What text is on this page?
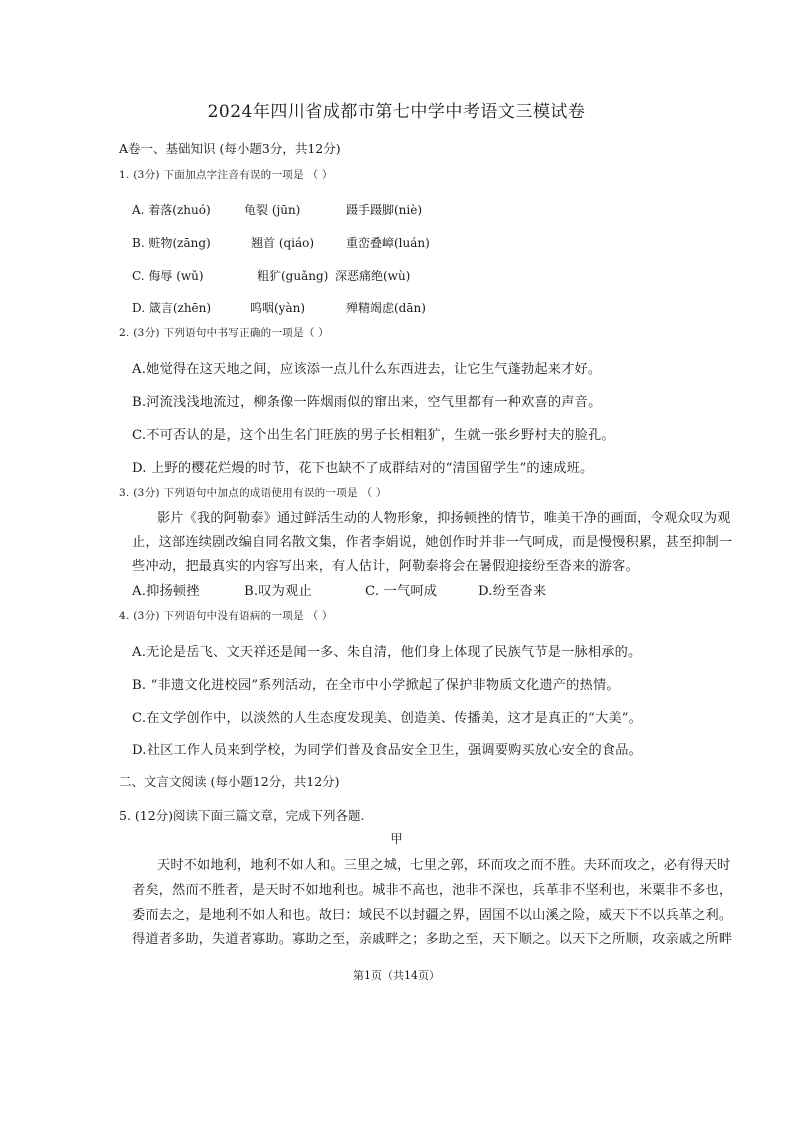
2024年四川省成都市第七中学中考语文三模试卷
A卷一、基础知识 (每小题3分，共12分)
1. (3分) 下面加点字注音有误的一项是 （ ）
A. 着落(zhuó)	龟裂 (jūn)	蹑手蹑脚(niè)
B. 赃物(zāng)	翘首 (qiáo)	重峦叠嶂(luán)
C. 侮辱 (wǔ)	粗犷(guǎng) 深恶痛绝(wù)
D. 箴言(zhēn)	呜咽(yàn)	殚精竭虑(dān)
2. (3分) 下列语句中书写正确的一项是（ ）
A.她觉得在这天地之间，应该添一点儿什么东西进去，让它生气蓬勃起来才好。
B.河流浅浅地流过，柳条像一阵烟雨似的窜出来，空气里都有一种欢喜的声音。
C.不可否认的是，这个出生名门旺族的男子长相粗犷，生就一张乡野村夫的脸孔。
D. 上野的樱花烂熳的时节，花下也缺不了成群结对的“清国留学生”的速成班。
3. (3分) 下列语句中加点的成语使用有误的一项是 （ ）
影片《我的阿勒泰》通过鲜活生动的人物形象，抑扬顿挫的情节，唯美干净的画面，令观众叹为观
止，这部连续剧改编自同名散文集，作者李娟说，她创作时并非一气呵成，而是慢慢积累，甚至抑制一
些冲动，把最真实的内容写出来，有人估计，阿勒泰将会在暑假迎接纷至沓来的游客。
A.抑扬顿挫	B.叹为观止	C. 一气呵成	D.纷至沓来
4. (3分) 下列语句中没有语病的一项是 （ ）
A.无论是岳飞、文天祥还是闻一多、朱自清，他们身上体现了民族气节是一脉相承的。
B. “非遗文化进校园”系列活动，在全市中小学掀起了保护非物质文化遗产的热情。
C.在文学创作中，以淡然的人生态度发现美、创造美、传播美，这才是真正的“大美”。
D.社区工作人员来到学校，为同学们普及食品安全卫生，强调要购买放心安全的食品。
二、文言文阅读 (每小题12分，共12分)
5. (12分)阅读下面三篇文章，完成下列各题.
甲
天时不如地利，地利不如人和。三里之城，七里之郭，环而攻之而不胜。夫环而攻之，必有得天时
者矣，然而不胜者，是天时不如地利也。城非不高也，池非不深也，兵革非不坚利也，米粟非不多也，
委而去之，是地利不如人和也。故曰：域民不以封疆之界，固国不以山溪之险，威天下不以兵革之利。
得道者多助，失道者寡助。寡助之至，亲戚畔之；多助之至，天下顺之。以天下之所顺，攻亲戚之所畔
第1页（共14页）
